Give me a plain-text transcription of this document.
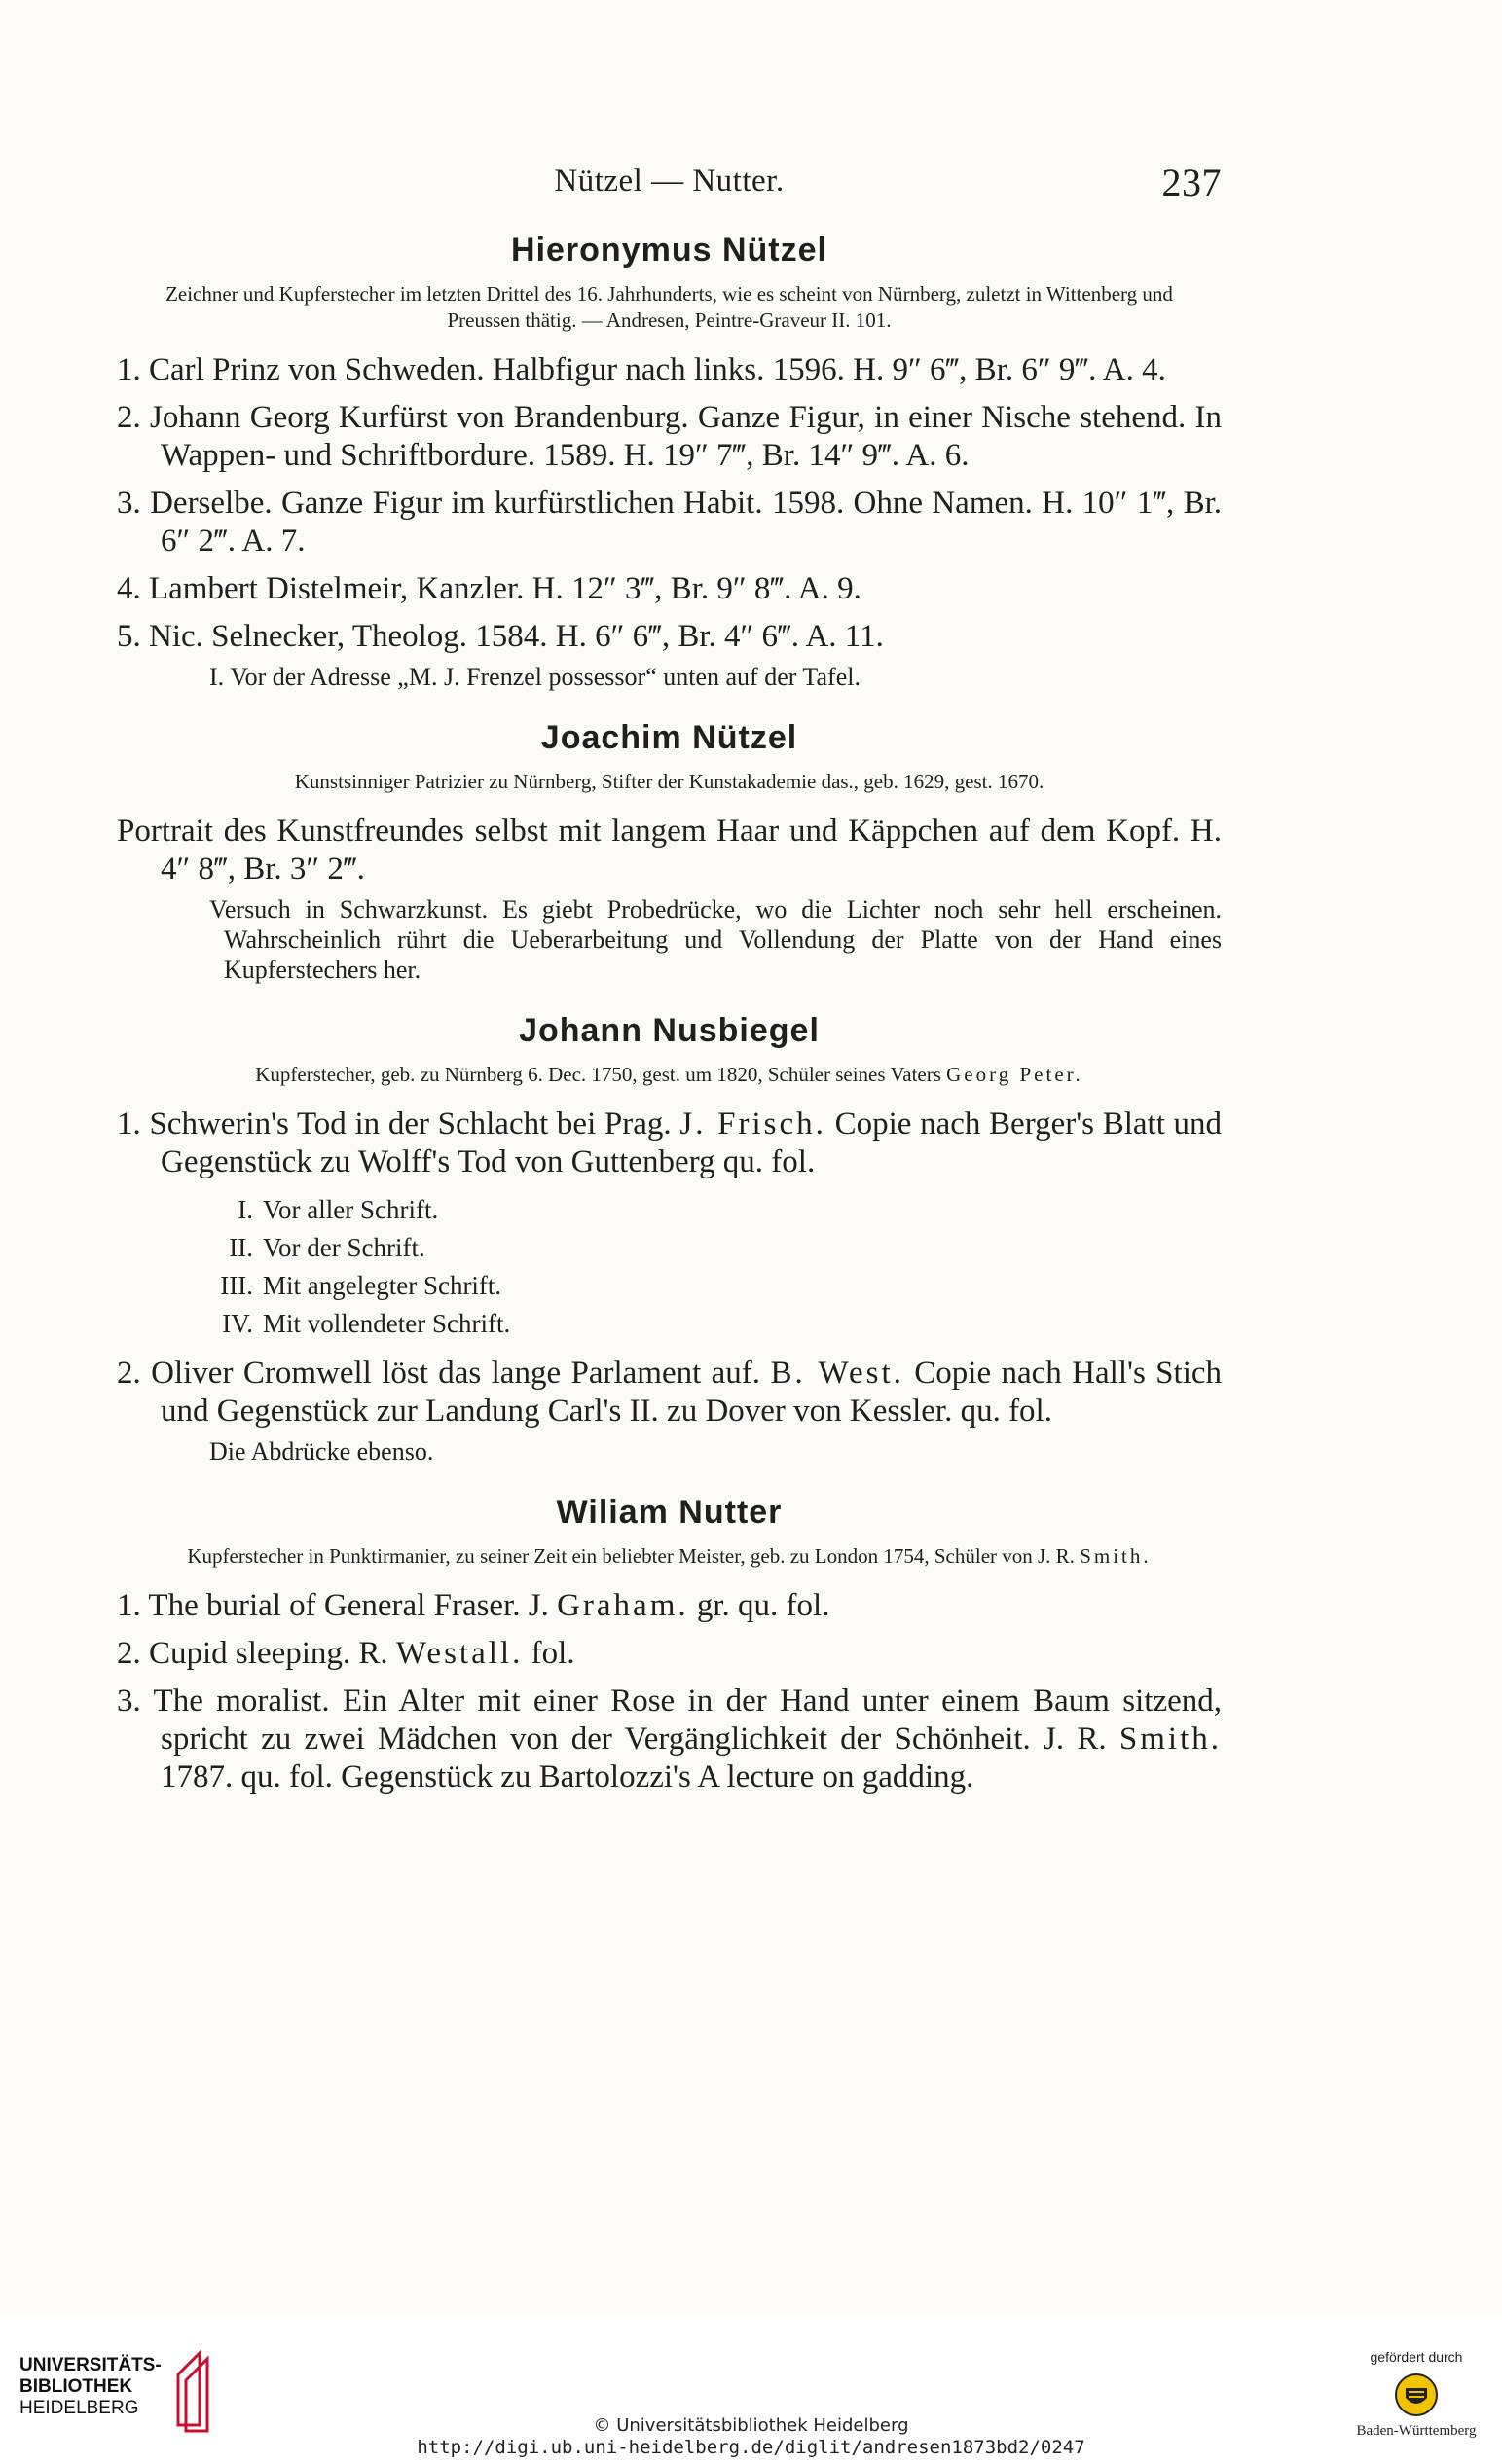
Nützel — Nutter.	237
Hieronymus Nützel

Zeichner und Kupferstecher im letzten Drittel des 16. Jahrhunderts, wie es scheint von Nürnberg, zuletzt in Wittenberg und Preussen thätig. — Andresen, Peintre-Graveur II. 101.

1. Carl Prinz von Schweden. Halbfigur nach links. 1596. H. 9″ 6‴, Br. 6″ 9‴. A. 4.

2. Johann Georg Kurfürst von Brandenburg. Ganze Figur, in einer Nische stehend. In Wappen- und Schriftbordure. 1589. H. 19″ 7‴, Br. 14″ 9‴. A. 6.

3. Derselbe. Ganze Figur im kurfürstlichen Habit. 1598. Ohne Namen. H. 10″ 1‴, Br. 6″ 2‴. A. 7.

4. Lambert Distelmeir, Kanzler. H. 12″ 3‴, Br. 9″ 8‴. A. 9.

5. Nic. Selnecker, Theolog. 1584. H. 6″ 6‴, Br. 4″ 6‴. A. 11.

I. Vor der Adresse „M. J. Frenzel possessor“ unten auf der Tafel.

Joachim Nützel

Kunstsinniger Patrizier zu Nürnberg, Stifter der Kunstakademie das., geb. 1629, gest. 1670.

Portrait des Kunstfreundes selbst mit langem Haar und Käppchen auf dem Kopf. H. 4″ 8‴, Br. 3″ 2‴.

Versuch in Schwarzkunst. Es giebt Probedrücke, wo die Lichter noch sehr hell erscheinen. Wahrscheinlich rührt die Ueberarbeitung und Vollendung der Platte von der Hand eines Kupferstechers her.

Johann Nusbiegel

Kupferstecher, geb. zu Nürnberg 6. Dec. 1750, gest. um 1820, Schüler seines Vaters Georg Peter.

1. Schwerin's Tod in der Schlacht bei Prag. J. Frisch. Copie nach Berger's Blatt und Gegenstück zu Wolff's Tod von Guttenberg qu. fol.

I. Vor aller Schrift.

II. Vor der Schrift.

III. Mit angelegter Schrift.

IV. Mit vollendeter Schrift.

2. Oliver Cromwell löst das lange Parlament auf. B. West. Copie nach Hall's Stich und Gegenstück zur Landung Carl's II. zu Dover von Kessler. qu. fol.

Die Abdrücke ebenso.

Wiliam Nutter

Kupferstecher in Punktirmanier, zu seiner Zeit ein beliebter Meister, geb. zu London 1754, Schüler von J. R. Smith.

1. The burial of General Fraser. J. Graham. gr. qu. fol.

2. Cupid sleeping. R. Westall. fol.

3. The moralist. Ein Alter mit einer Rose in der Hand unter einem Baum sitzend, spricht zu zwei Mädchen von der Vergänglichkeit der Schönheit. J. R. Smith. 1787. qu. fol. Gegenstück zu Bartolozzi's A lecture on gadding.

UNIVERSITÄTS-
BIBLIOTHEK
HEIDELBERG
© Universitätsbibliothek Heidelberg
http://digi.ub.uni-heidelberg.de/diglit/andresen1873bd2/0247
gefördert durch
Baden-Württemberg
